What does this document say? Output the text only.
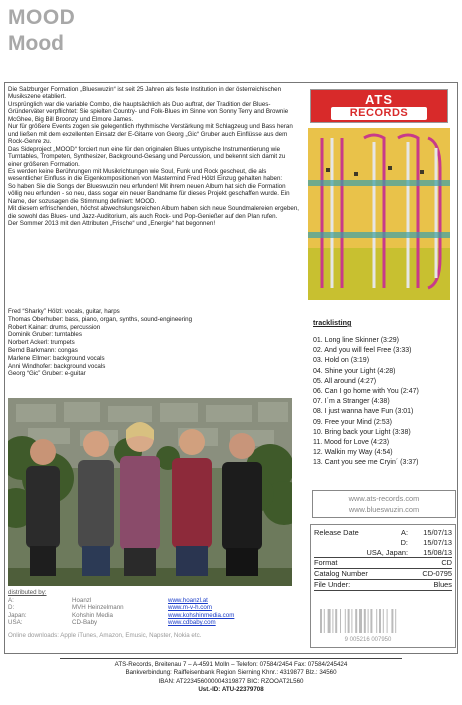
MOOD
Mood

Die Salzburger Formation „Blueswuzin“ ist seit 25 Jahren als feste Institution in der österreichischen Musikszene etabliert.

Ursprünglich war die variable Combo, die hauptsächlich als Duo auftrat, der Tradition der Blues-Gründerväter verpflichtet: Sie spielten Country- und Folk-Blues im Sinne von Sonny Terry and Brownie McGhee, Big Bill Broonzy und Elmore James.

Nur für größere Events zogen sie gelegentlich rhythmische Verstärkung mit Schlagzeug und Bass heran und ließen mit dem exzellenten Einsatz der E-Gitarre von Georg „Gic“ Gruber auch Einflüsse aus dem Rock-Genre zu.

Das Sideproject „MOOD“ forciert nun eine für den originalen Blues untypische Instrumentierung wie Turntables, Trompeten, Synthesizer, Background-Gesang und Percussion, und bekennt sich damit zu einer größeren Formation.

Es werden keine Berührungen mit Musikrichtungen wie Soul, Funk und Rock gescheut, die als wesentlicher Einfluss in die Eigenkompositionen von Mastermind Fred Hölzl Einzug gehalten haben:

So haben Sie die Songs der Blueswuzin neu erfunden! Mit ihrem neuen Album hat sich die Formation völlig neu erfunden - so neu, dass sogar ein neuer Bandname für dieses Projekt geschaffen wurde. Ein Name, der sozusagen die Stimmung definiert: MOOD.

Mit diesem erfrischenden, höchst abwechslungsreichen Album haben sich neue Soundmalereien ergeben, die sowohl das Blues- und Jazz-Auditorium, als auch Rock- und Pop-Genießer auf den Plan rufen.

Der Sommer 2013 mit den Attributen „Frische“ und „Energie“ hat begonnen!

Fred “Sharky” Hölzl: vocals, guitar, harps
Thomas Oberhuber: bass, piano, organ, synths, sound-engineering
Robert Kainar: drums, percussion
Dominik Gruber: turntables
Norbert Ackerl: trumpets
Bernd Barkmann: congas
Marlene Ellmer: background vocals
Anni Windhofer: background vocals
Georg “Gic” Gruber: e-guitar
distributed by:
A:	Hoanzl	www.hoanzl.at
D:	MVH Heinzelmann	www.m-v-h.com
Japan:	Kohshin Media	www.kohshinmedia.com
USA:	CD-Baby	www.cdbaby.com
Online downloads: Apple iTunes, Amazon, Emusic, Napster, Nokia etc.
ATS
RECORDS
tracklisting
01. Long line Skinner (3:29)
02. And you will feel Free (3:33)
03. Hold on (3:19)
04. Shine your Light (4:28)
05. All around (4:27)
06. Can I go home with You (2:47)
07. I´m a Stranger (4:38)
08. I just wanna have Fun (3:01)
09. Free your Mind (2:53)
10. Bring back your Light (3:38)
11. Mood for Love (4:23)
12. Walkin my Way (4:54)
13. Cant you see me Cryin´ (3:37)
www.ats-records.com
www.blueswuzin.com
Release Date	A:	15/07/13
D:	15/07/13
USA, Japan:	15/08/13
Format	CD
Catalog Number	CD-0795
File Under:	Blues
9 005216 007950
ATS-Records, Breitenau 7 – A-4591 Molln – Telefon: 07584/2454 Fax: 07584/245424
Bankverbindung: Raiffeisenbank Region Sierning Khnr.: 4319877 Blz.: 34560
IBAN: AT223456000004319877 BIC: RZOOAT2L560
Ust.-ID: ATU-22379708
